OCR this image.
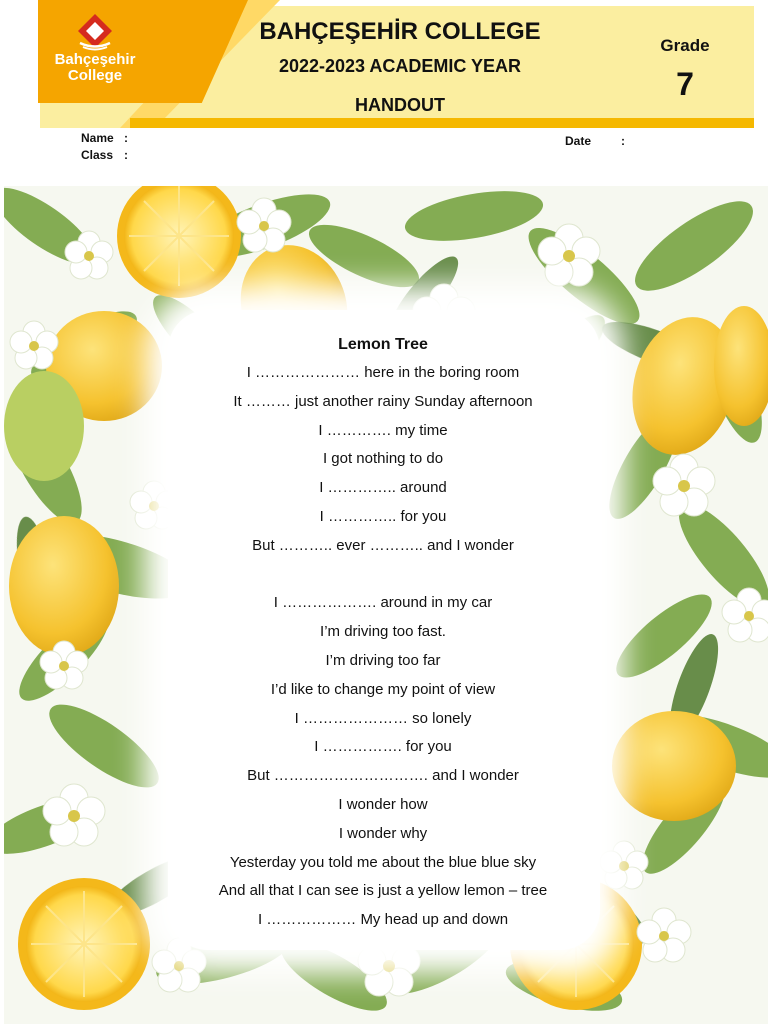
Bahçeşehir
College
BAHÇEŞEHİR COLLEGE
2022-2023 ACADEMIC YEAR
HANDOUT
Grade
7
Name :
Class :
Date :
Lemon Tree
I ………………… here in the boring room
It ……… just another rainy Sunday afternoon
I …………. my time
I got nothing to do
I ………….. around
I ………….. for you
But ……….. ever ……….. and I wonder
I ………………. around in my car
I’m driving too fast.
I’m driving too far
I’d like to change my point of view
I ………………… so lonely
I ……………. for you
But …………………………. and I wonder
I wonder how
I wonder why
Yesterday you told me about the blue blue sky
And all that I can see is just a yellow lemon – tree
I ……………… My head up and down
